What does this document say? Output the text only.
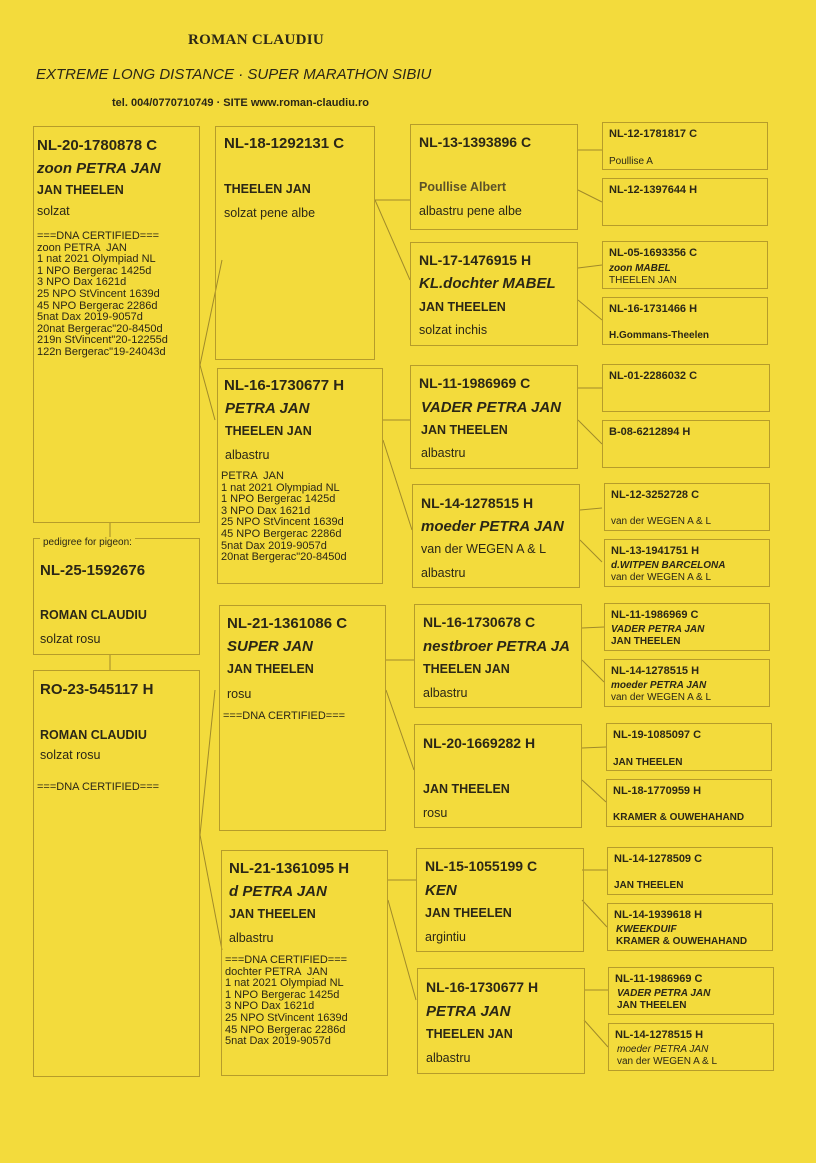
ROMAN CLAUDIU
EXTREME LONG DISTANCE · SUPER MARATHON SIBIU
tel. 004/0770710749 · SITE www.roman-claudiu.ro
NL-20-1780878 C
zoon PETRA JAN
JAN THEELEN
solzat
===DNA CERTIFIED===
zoon PETRA  JAN
1 nat 2021 Olympiad NL
1 NPO Bergerac 1425d
3 NPO Dax 1621d
25 NPO StVincent 1639d
45 NPO Bergerac 2286d
5nat Dax 2019-9057d
20nat Bergerac"20-8450d
219n StVincent"20-12255d
122n Bergerac"19-24043d
pedigree for pigeon:
NL-25-1592676
ROMAN CLAUDIU
solzat rosu
RO-23-545117 H
ROMAN CLAUDIU
solzat rosu
===DNA CERTIFIED===
NL-18-1292131 C
THEELEN JAN
solzat pene albe
NL-16-1730677 H
PETRA JAN
THEELEN JAN
albastru
PETRA  JAN
1 nat 2021 Olympiad NL
1 NPO Bergerac 1425d
3 NPO Dax 1621d
25 NPO StVincent 1639d
45 NPO Bergerac 2286d
5nat Dax 2019-9057d
20nat Bergerac"20-8450d
NL-21-1361086 C
SUPER JAN
JAN THEELEN
rosu
===DNA CERTIFIED===
NL-21-1361095 H
d PETRA JAN
JAN THEELEN
albastru
===DNA CERTIFIED===
dochter PETRA  JAN
1 nat 2021 Olympiad NL
1 NPO Bergerac 1425d
3 NPO Dax 1621d
25 NPO StVincent 1639d
45 NPO Bergerac 2286d
5nat Dax 2019-9057d
NL-13-1393896 C
Poullise Albert
albastru pene albe
NL-17-1476915 H
KL.dochter MABEL
JAN THEELEN
solzat inchis
NL-11-1986969 C
VADER PETRA JAN
JAN THEELEN
albastru
NL-14-1278515 H
moeder PETRA JAN
van der WEGEN A & L
albastru
NL-16-1730678 C
nestbroer PETRA JA
THEELEN JAN
albastru
NL-20-1669282 H
JAN THEELEN
rosu
NL-15-1055199 C
KEN
JAN THEELEN
argintiu
NL-16-1730677 H
PETRA JAN
THEELEN JAN
albastru
NL-12-1781817 C
Poullise A
NL-12-1397644 H
NL-05-1693356 C
zoon MABEL
THEELEN JAN
NL-16-1731466 H
H.Gommans-Theelen
NL-01-2286032 C
B-08-6212894 H
NL-12-3252728 C
van der WEGEN A & L
NL-13-1941751 H
d.WITPEN BARCELONA
van der WEGEN A & L
NL-11-1986969 C
VADER PETRA JAN
JAN THEELEN
NL-14-1278515 H
moeder PETRA JAN
van der WEGEN A & L
NL-19-1085097 C
JAN THEELEN
NL-18-1770959 H
KRAMER & OUWEHAHAND
NL-14-1278509 C
JAN THEELEN
NL-14-1939618 H
KWEEKDUIF
KRAMER & OUWEHAHAND
NL-11-1986969 C
VADER PETRA JAN
JAN THEELEN
NL-14-1278515 H
moeder PETRA JAN
van der WEGEN A & L
